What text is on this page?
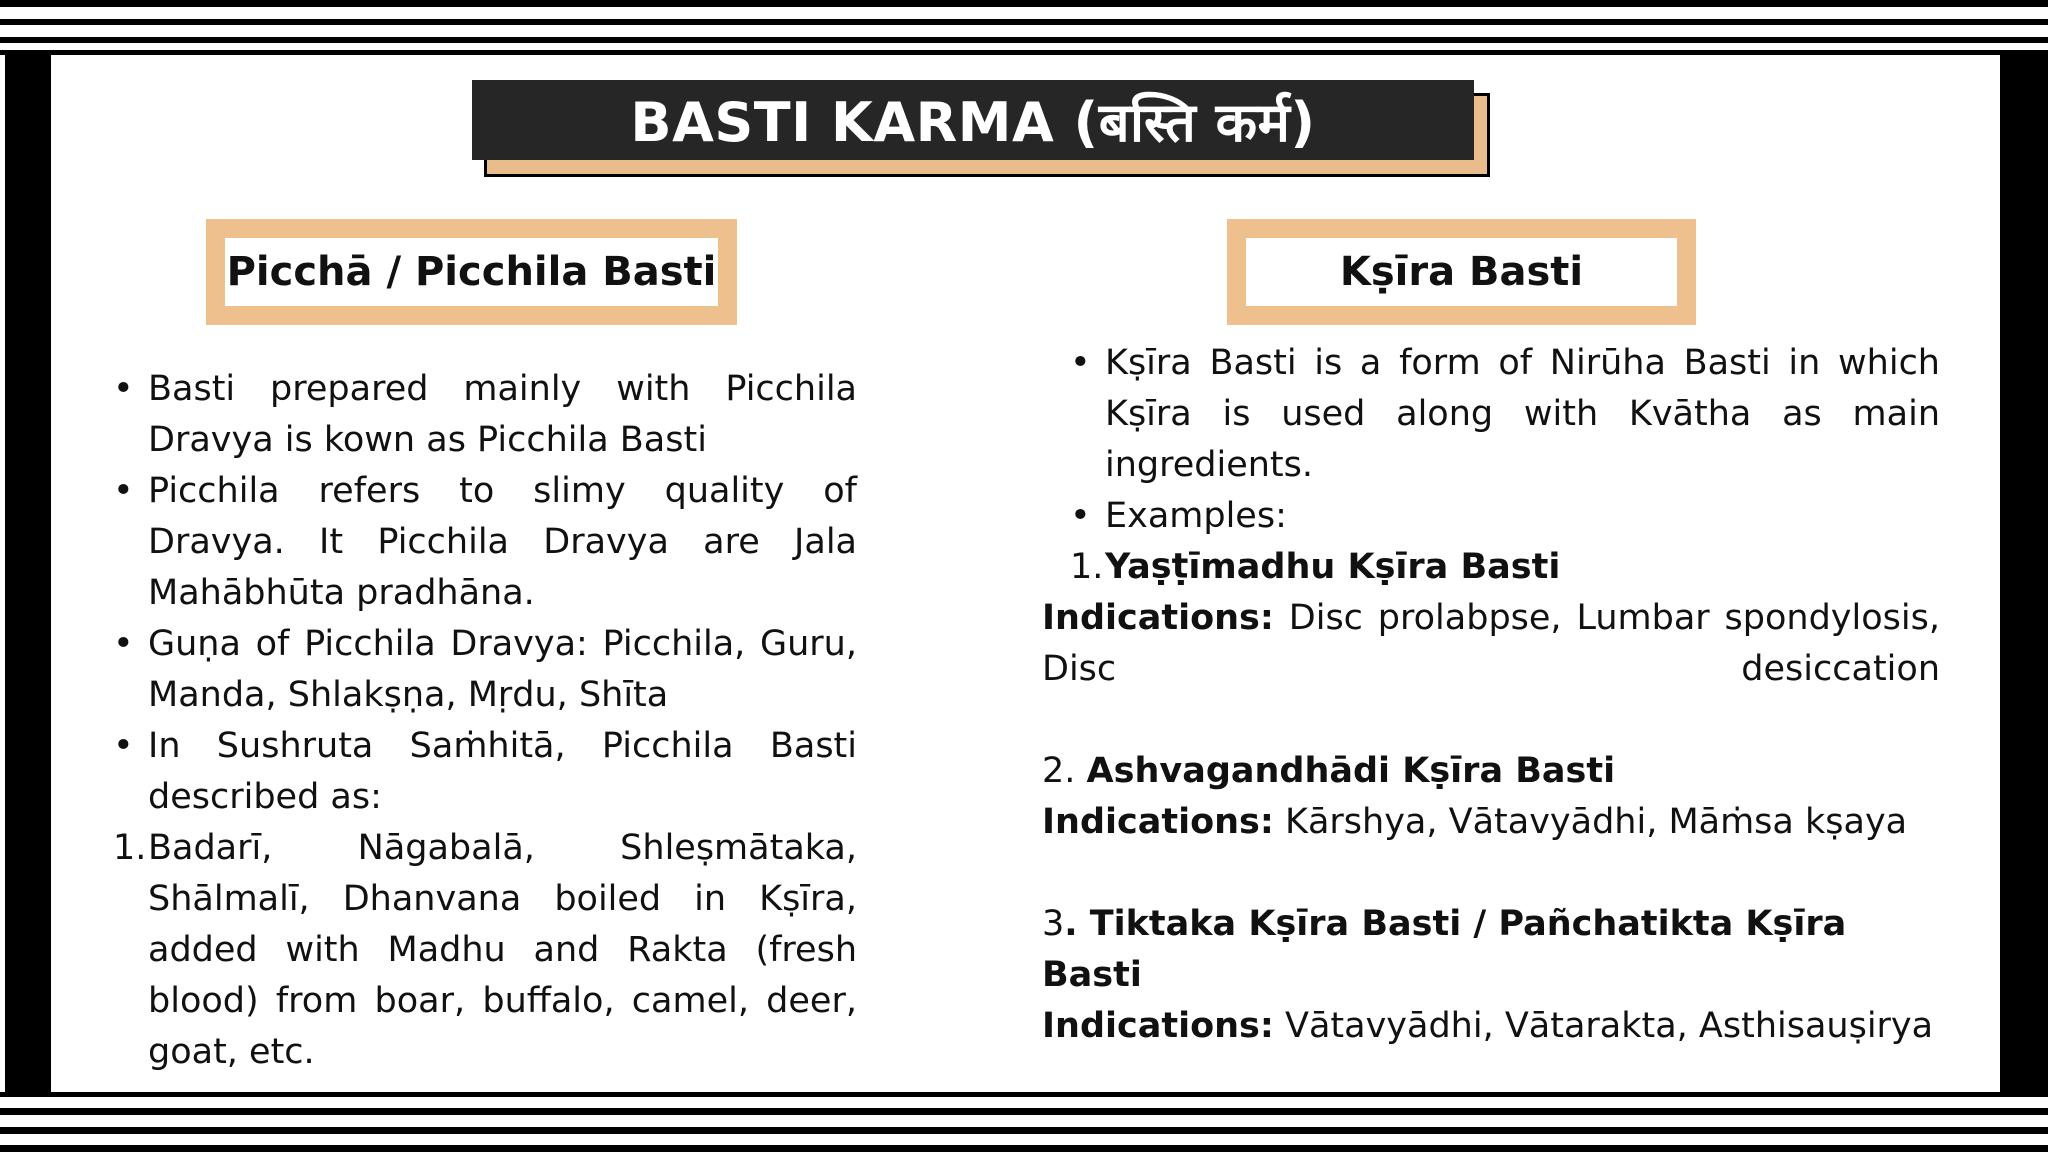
BASTI KARMA (बस्ति कर्म)
Picchā / Picchila Basti	Kṣīra Basti
• Basti prepared mainly with Picchila Dravya is kown as Picchila Basti
• Picchila refers to slimy quality of Dravya. It Picchila Dravya are Jala Mahābhūta pradhāna.
• Guṇa of Picchila Dravya: Picchila, Guru, Manda, Shlakṣṇa, Mṛdu, Shīta
• In Sushruta Saṁhitā, Picchila Basti described as:
1. Badarī, Nāgabalā, Shleṣmātaka, Shālmalī, Dhanvana boiled in Kṣīra, added with Madhu and Rakta (fresh blood) from boar, buffalo, camel, deer, goat, etc.
• Kṣīra Basti is a form of Nirūha Basti in which Kṣīra is used along with Kvātha as main ingredients.
• Examples:
1. Yaṣṭīmadhu Kṣīra Basti

Indications: Disc prolabpse, Lumbar spondylosis, Disc desiccation

2. Ashvagandhādi Kṣīra Basti

Indications: Kārshya, Vātavyādhi, Māṁsa kṣaya

3. Tiktaka Kṣīra Basti / Pañchatikta Kṣīra Basti

Indications: Vātavyādhi, Vātarakta, Asthisauṣirya
